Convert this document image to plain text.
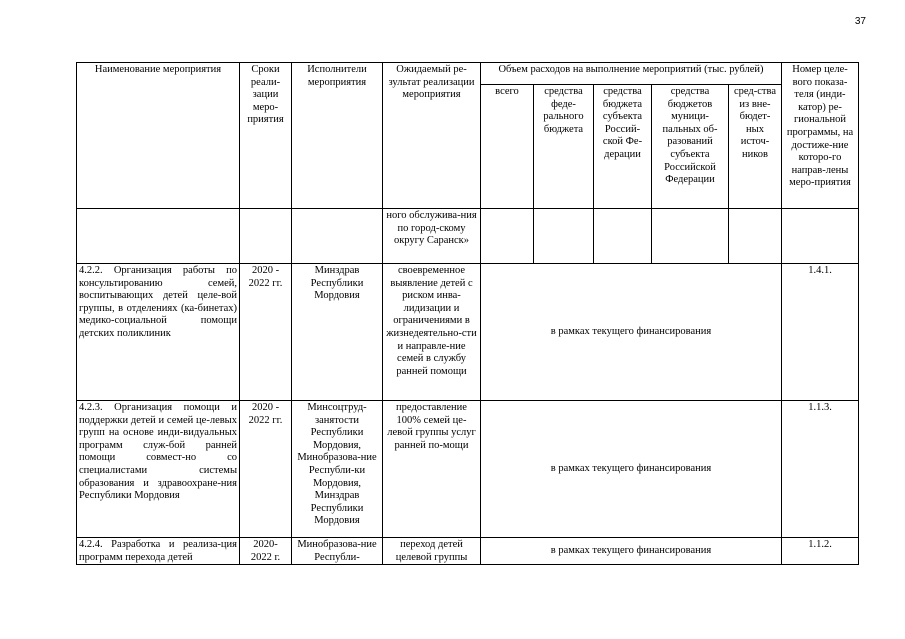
37
Наименование мероприятия	Сроки реали-зации меро-приятия	Исполнители мероприятия	Ожидаемый ре-зультат реализации мероприятия	Объем расходов на выполнение мероприятий (тыс. рублей)					Номер целе-вого показа-теля (инди-катор) ре-гиональной программы, на достиже-ние которо-го направ-лены меро-приятия
				всего	средства феде-рального бюджета	средства бюджета субъекта Россий-ской Фе-дерации	средства бюджетов муници-пальных об-разований субъекта Российской Федерации	сред-ства из вне-бюдет-ных источ-ников	
			ного обслужива-ния по город-скому округу Саранск»						
4.2.2. Организация работы по консультированию семей, воспитывающих детей целе-вой группы, в отделениях (ка-бинетах) медико-социальной помощи детских поликлиник	2020 - 2022 гг.	Минздрав Республики Мордовия	своевременное выявление детей с риском инва-лидизации и ограничениями в жизнедеятельно-сти и направле-ние семей в службу ранней помощи	в рамках текущего финансирования					1.4.1.
4.2.3. Организация помощи и поддержки детей и семей це-левых групп на основе инди-видуальных программ служ-бой ранней помощи совмест-но со специалистами системы образования и здравоохране-ния Республики Мордовия	2020 - 2022 гг.	Минсоцтруд-занятости Республики Мордовия, Минобразова-ние Республи-ки Мордовия, Минздрав Республики Мордовия	предоставление 100% семей це-левой группы услуг ранней по-мощи	в рамках текущего финансирования					1.1.3.
4.2.4. Разработка и реализа-ция программ перехода детей	2020- 2022 г.	Минобразова-ние Республи-	переход детей целевой группы	в рамках текущего финансирования					1.1.2.
